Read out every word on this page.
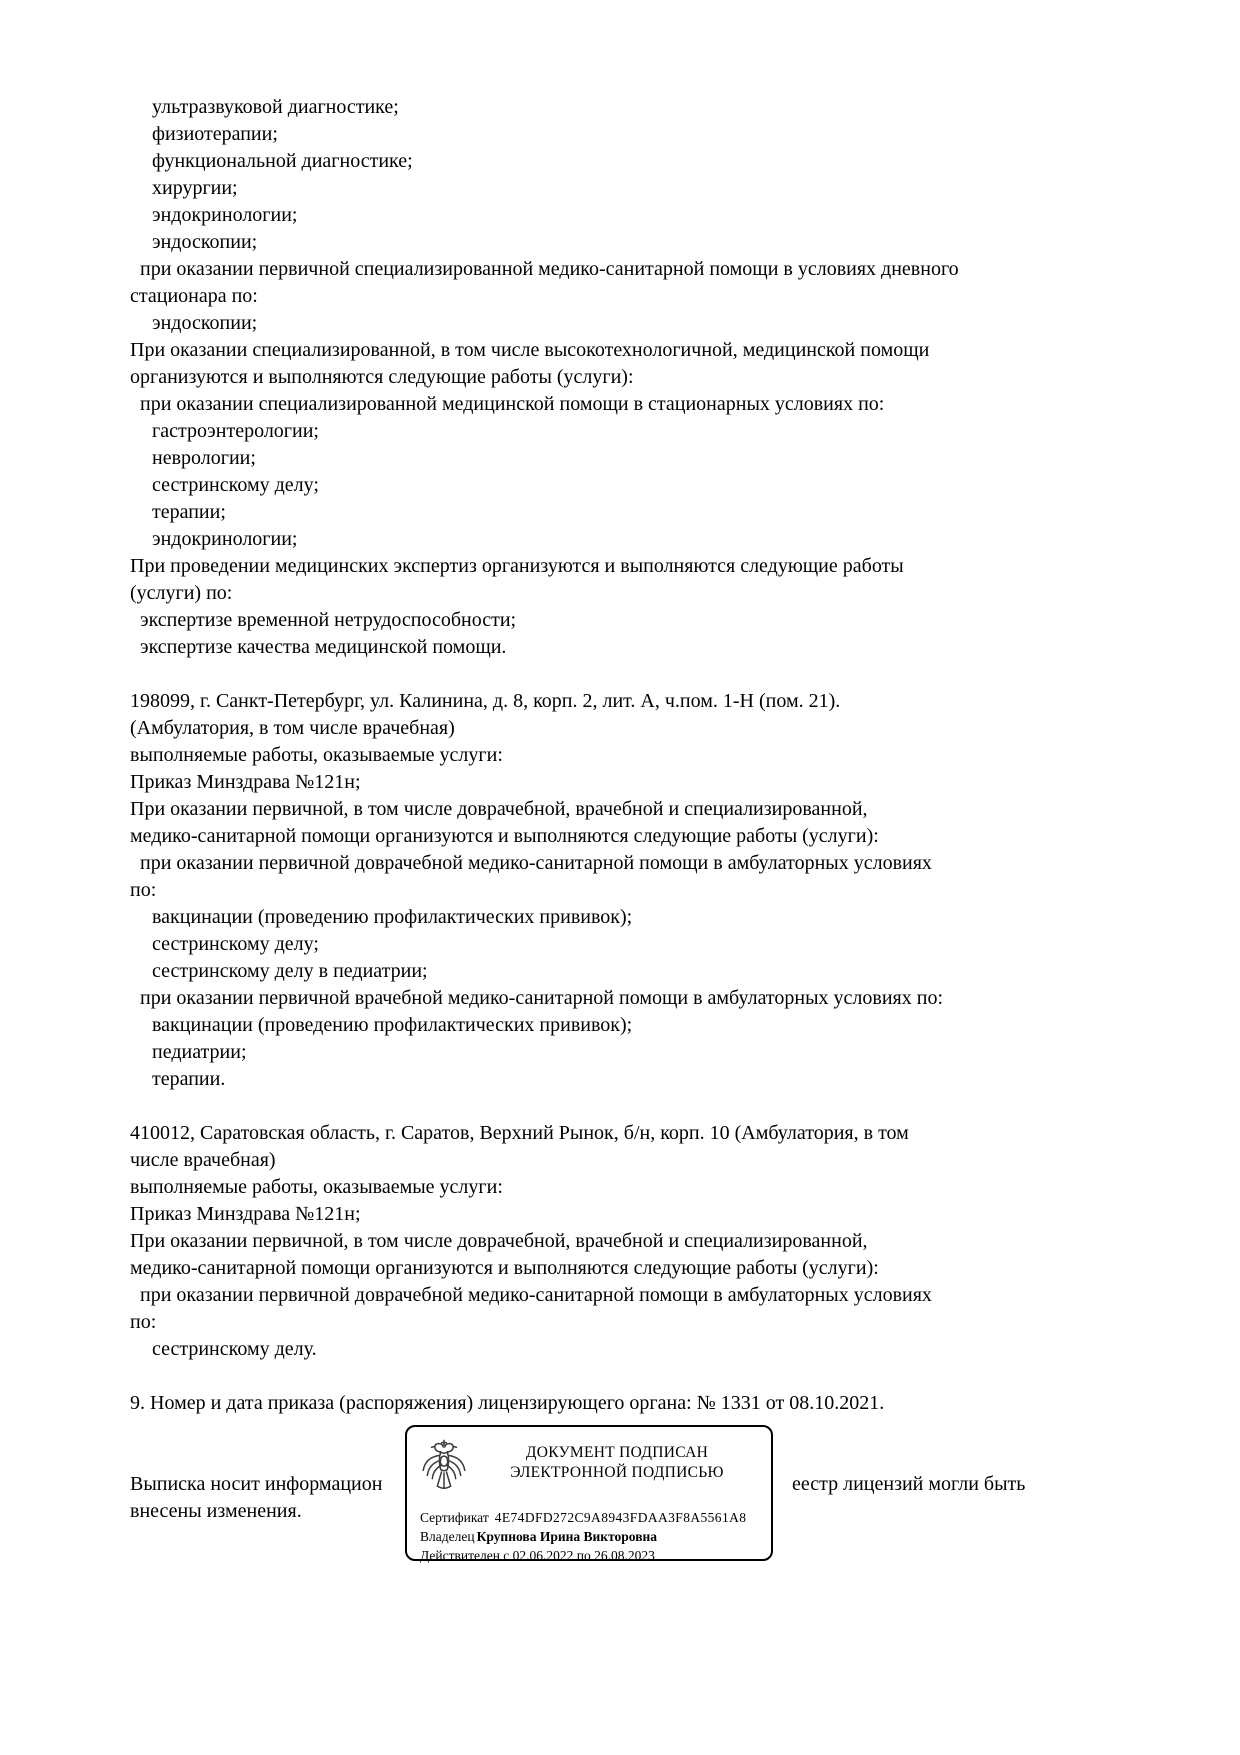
ультразвуковой диагностике;
физиотерапии;
функциональной диагностике;
хирургии;
эндокринологии;
эндоскопии;
при оказании первичной специализированной медико-санитарной помощи в условиях дневного
стационара по:
эндоскопии;
При оказании специализированной, в том числе высокотехнологичной, медицинской помощи
организуются и выполняются следующие работы (услуги):
при оказании специализированной медицинской помощи в стационарных условиях по:
гастроэнтерологии;
неврологии;
сестринскому делу;
терапии;
эндокринологии;
При проведении медицинских экспертиз организуются и выполняются следующие работы
(услуги) по:
экспертизе временной нетрудоспособности;
экспертизе качества медицинской помощи.
198099, г. Санкт-Петербург, ул. Калинина, д. 8, корп. 2, лит. А, ч.пом. 1-Н (пом. 21).
(Амбулатория, в том числе врачебная)
выполняемые работы, оказываемые услуги:
Приказ Минздрава №121н;
При оказании первичной, в том числе доврачебной, врачебной и специализированной,
медико-санитарной помощи организуются и выполняются следующие работы (услуги):
при оказании первичной доврачебной медико-санитарной помощи в амбулаторных условиях
по:
вакцинации (проведению профилактических прививок);
сестринскому делу;
сестринскому делу в педиатрии;
при оказании первичной врачебной медико-санитарной помощи в амбулаторных условиях по:
вакцинации (проведению профилактических прививок);
педиатрии;
терапии.
410012, Саратовская область, г. Саратов, Верхний Рынок, б/н, корп. 10 (Амбулатория, в том
числе врачебная)
выполняемые работы, оказываемые услуги:
Приказ Минздрава №121н;
При оказании первичной, в том числе доврачебной, врачебной и специализированной,
медико-санитарной помощи организуются и выполняются следующие работы (услуги):
при оказании первичной доврачебной медико-санитарной помощи в амбулаторных условиях
по:
сестринскому делу.
9. Номер и дата приказа (распоряжения) лицензирующего органа: № 1331 от 08.10.2021.
Выписка носит информацион	еестр лицензий могли быть
внесены изменения.
ДОКУМЕНТ ПОДПИСАН
ЭЛЕКТРОННОЙ ПОДПИСЬЮ
Сертификат 4E74DFD272C9A8943FDAA3F8A5561A8
Владелец Крупнова Ирина Викторовна
Действителен с 02.06.2022 по 26.08.2023
